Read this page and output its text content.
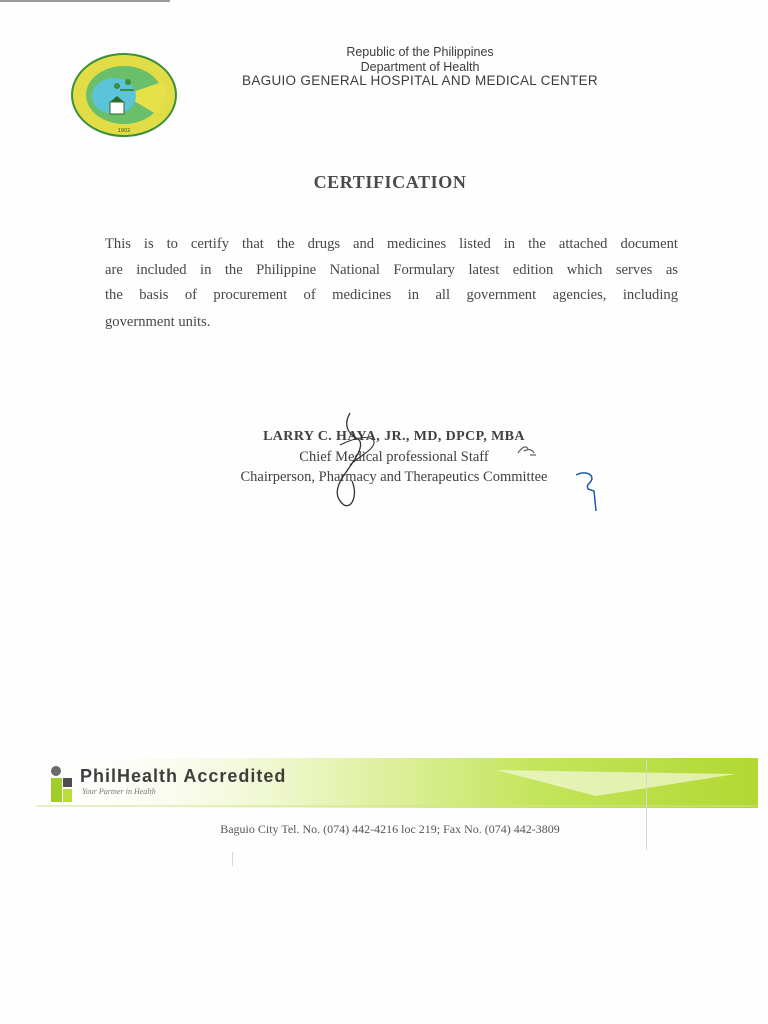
1902
Republic of the Philippines
Department of Health
BAGUIO GENERAL HOSPITAL AND MEDICAL CENTER
CERTIFICATION
This is to certify that the drugs and medicines listed in the attached document
are included in the Philippine National Formulary latest edition which serves as
the basis of procurement of medicines in all government agencies, including
government units.
LARRY C. HAYA, JR., MD, DPCP, MBA
Chief Medical professional Staff
Chairperson, Pharmacy and Therapeutics Committee
PhilHealth Accredited
Your Partner in Health
Baguio City Tel. No. (074) 442-4216 loc 219; Fax No. (074) 442-3809
